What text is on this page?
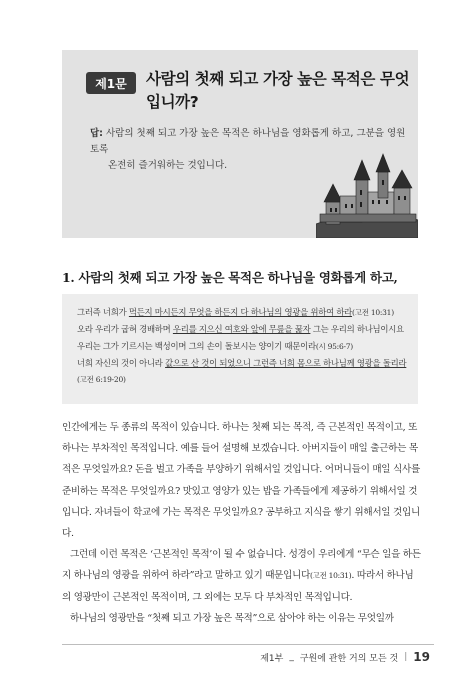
제1문	사람의 첫째 되고 가장 높은 목적은 무엇입니까?
답: 사람의 첫째 되고 가장 높은 목적은 하나님을 영화롭게 하고, 그분을 영원토록
온전히 즐거워하는 것입니다.
1. 사람의 첫째 되고 가장 높은 목적은 하나님을 영화롭게 하고,
그러즉 너희가 먹든지 마시든지 무엇을 하든지 다 하나님의 영광을 위하여 하라(고전 10:31)
오라 우리가 굽혀 경배하며 우리를 지으신 여호와 앞에 무릎을 꿇자 그는 우리의 하나님이시요 우리는 그가 기르시는 백성이며 그의 손이 돌보시는 양이기 때문이라(시 95:6-7)
너희 자신의 것이 아니라 값으로 산 것이 되었으니 그런즉 너희 몸으로 하나님께 영광을 돌리라(고전 6:19-20)
인간에게는 두 종류의 목적이 있습니다. 하나는 첫째 되는 목적, 즉 근본적인 목적이고, 또 하나는 부차적인 목적입니다. 예를 들어 설명해 보겠습니다. 아버지들이 매일 출근하는 목적은 무엇일까요? 돈을 벌고 가족을 부양하기 위해서일 것입니다. 어머니들이 매일 식사를 준비하는 목적은 무엇일까요? 맛있고 영양가 있는 밥을 가족들에게 제공하기 위해서일 것입니다. 자녀들이 학교에 가는 목적은 무엇일까요? 공부하고 지식을 쌓기 위해서일 것입니다.
그런데 이런 목적은 ‘근본적인 목적’이 될 수 없습니다. 성경이 우리에게 “무슨 일을 하든지 하나님의 영광을 위하여 하라”라고 말하고 있기 때문입니다(고전 10:31). 따라서 하나님의 영광만이 근본적인 목적이며, 그 외에는 모두 다 부차적인 목적입니다.
하나님의 영광만을 “첫째 되고 가장 높은 목적”으로 삼아야 하는 이유는 무엇일까
제1부 _ 구원에 관한 거의 모든 것 | 19
